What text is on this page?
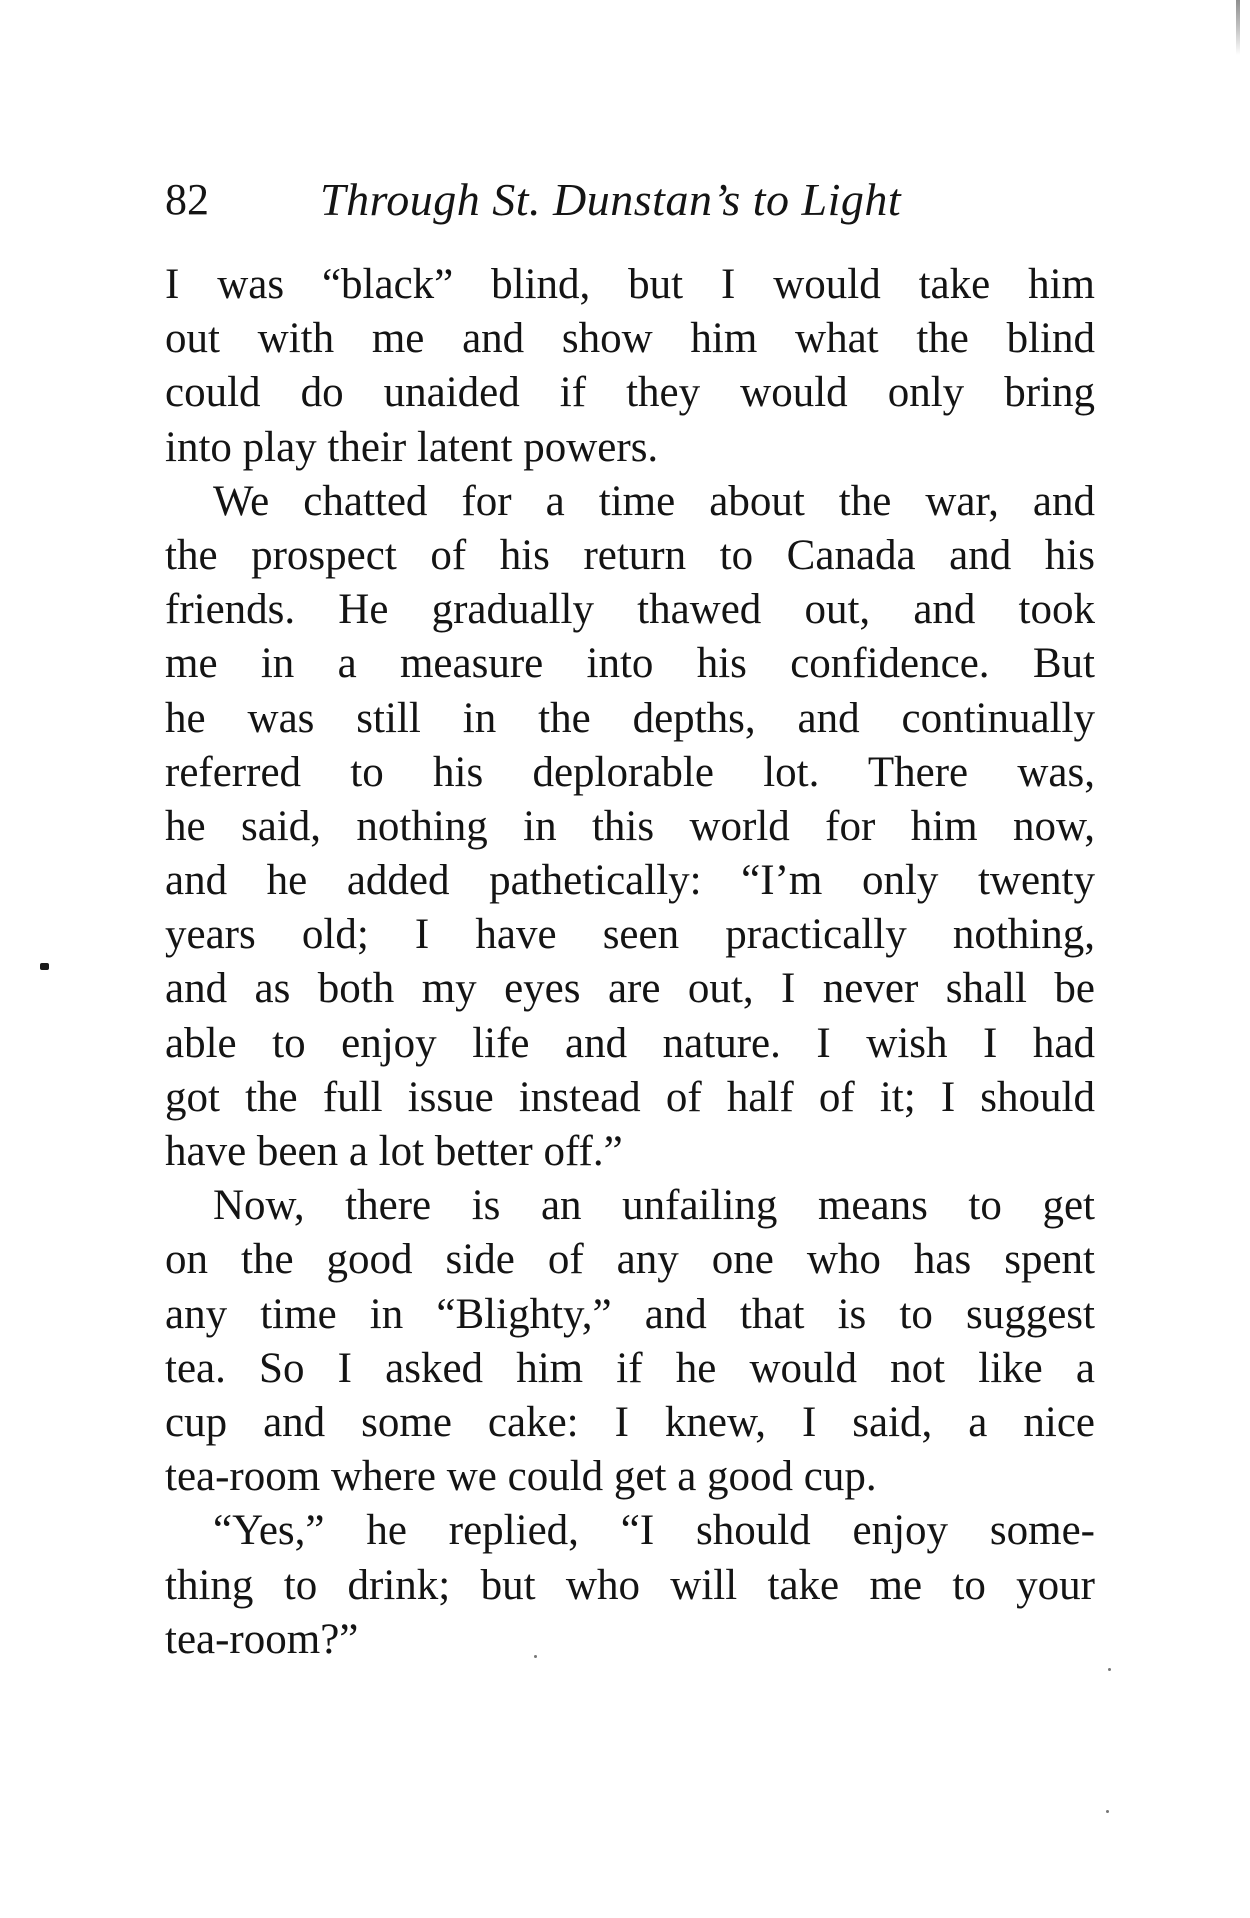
82 Through St. Dunstan’s to Light
I was “black” blind, but I would take him
out with me and show him what the blind
could do unaided if they would only bring
into play their latent powers.
We chatted for a time about the war, and
the prospect of his return to Canada and his
friends. He gradually thawed out, and took
me in a measure into his confidence. But
he was still in the depths, and continually
referred to his deplorable lot. There was,
he said, nothing in this world for him now,
and he added pathetically: “I’m only twenty
years old; I have seen practically nothing,
and as both my eyes are out, I never shall be
able to enjoy life and nature. I wish I had
got the full issue instead of half of it; I should
have been a lot better off.”
Now, there is an unfailing means to get
on the good side of any one who has spent
any time in “Blighty,” and that is to suggest
tea. So I asked him if he would not like a
cup and some cake: I knew, I said, a nice
tea-room where we could get a good cup.
“Yes,” he replied, “I should enjoy some-
thing to drink; but who will take me to your
tea-room?”
